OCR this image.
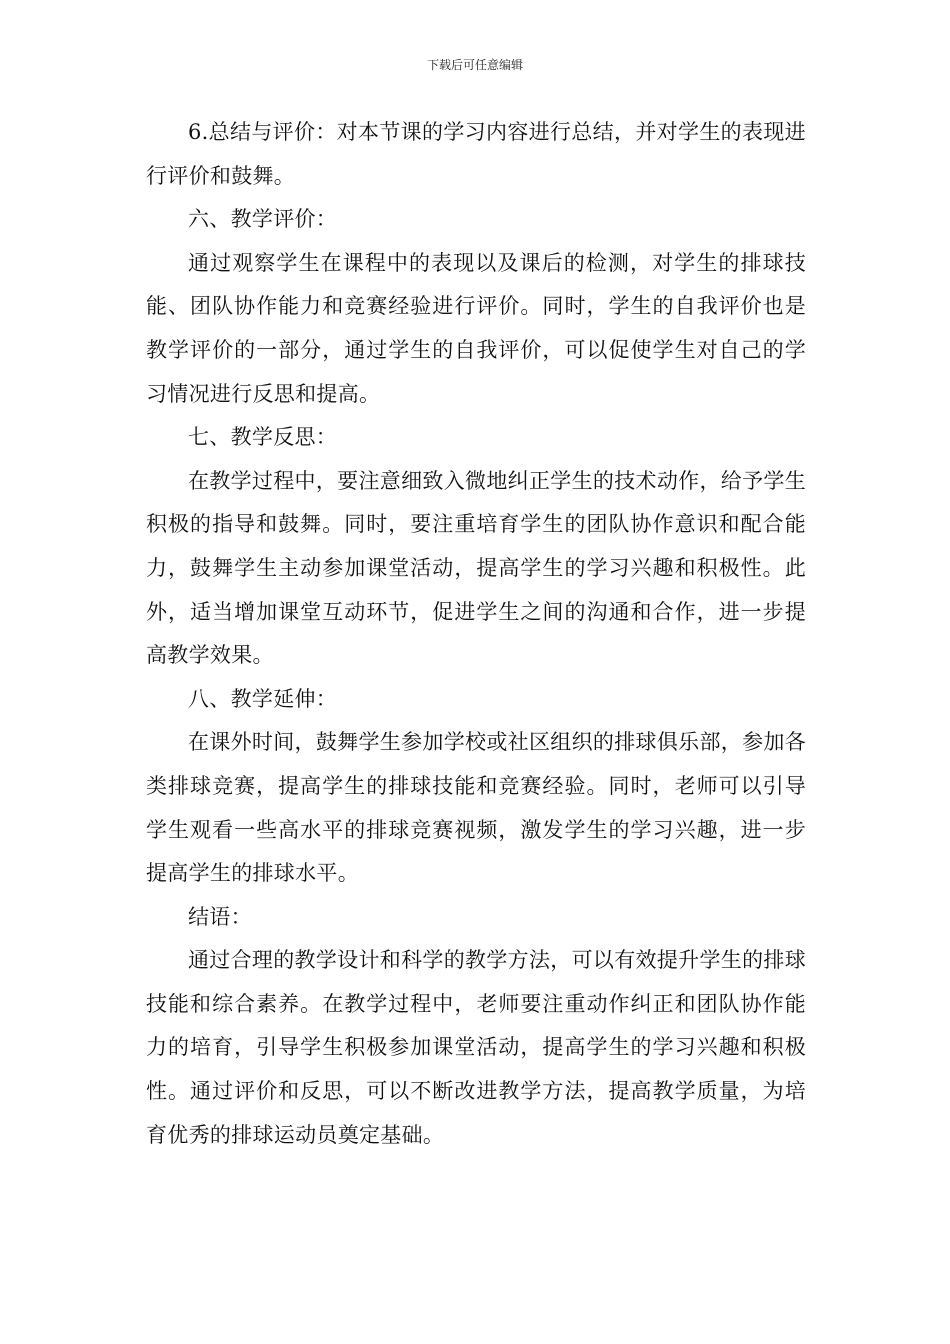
下载后可任意编辑

6.总结与评价：对本节课的学习内容进行总结，并对学生的表现进行评价和鼓舞。

六、教学评价：

通过观察学生在课程中的表现以及课后的检测，对学生的排球技能、团队协作能力和竞赛经验进行评价。同时，学生的自我评价也是教学评价的一部分，通过学生的自我评价，可以促使学生对自己的学习情况进行反思和提高。

七、教学反思：

在教学过程中，要注意细致入微地纠正学生的技术动作，给予学生积极的指导和鼓舞。同时，要注重培育学生的团队协作意识和配合能力，鼓舞学生主动参加课堂活动，提高学生的学习兴趣和积极性。此外，适当增加课堂互动环节，促进学生之间的沟通和合作，进一步提高教学效果。

八、教学延伸：

在课外时间，鼓舞学生参加学校或社区组织的排球俱乐部，参加各类排球竞赛，提高学生的排球技能和竞赛经验。同时，老师可以引导学生观看一些高水平的排球竞赛视频，激发学生的学习兴趣，进一步提高学生的排球水平。

结语：

通过合理的教学设计和科学的教学方法，可以有效提升学生的排球技能和综合素养。在教学过程中，老师要注重动作纠正和团队协作能力的培育，引导学生积极参加课堂活动，提高学生的学习兴趣和积极性。通过评价和反思，可以不断改进教学方法，提高教学质量，为培育优秀的排球运动员奠定基础。
